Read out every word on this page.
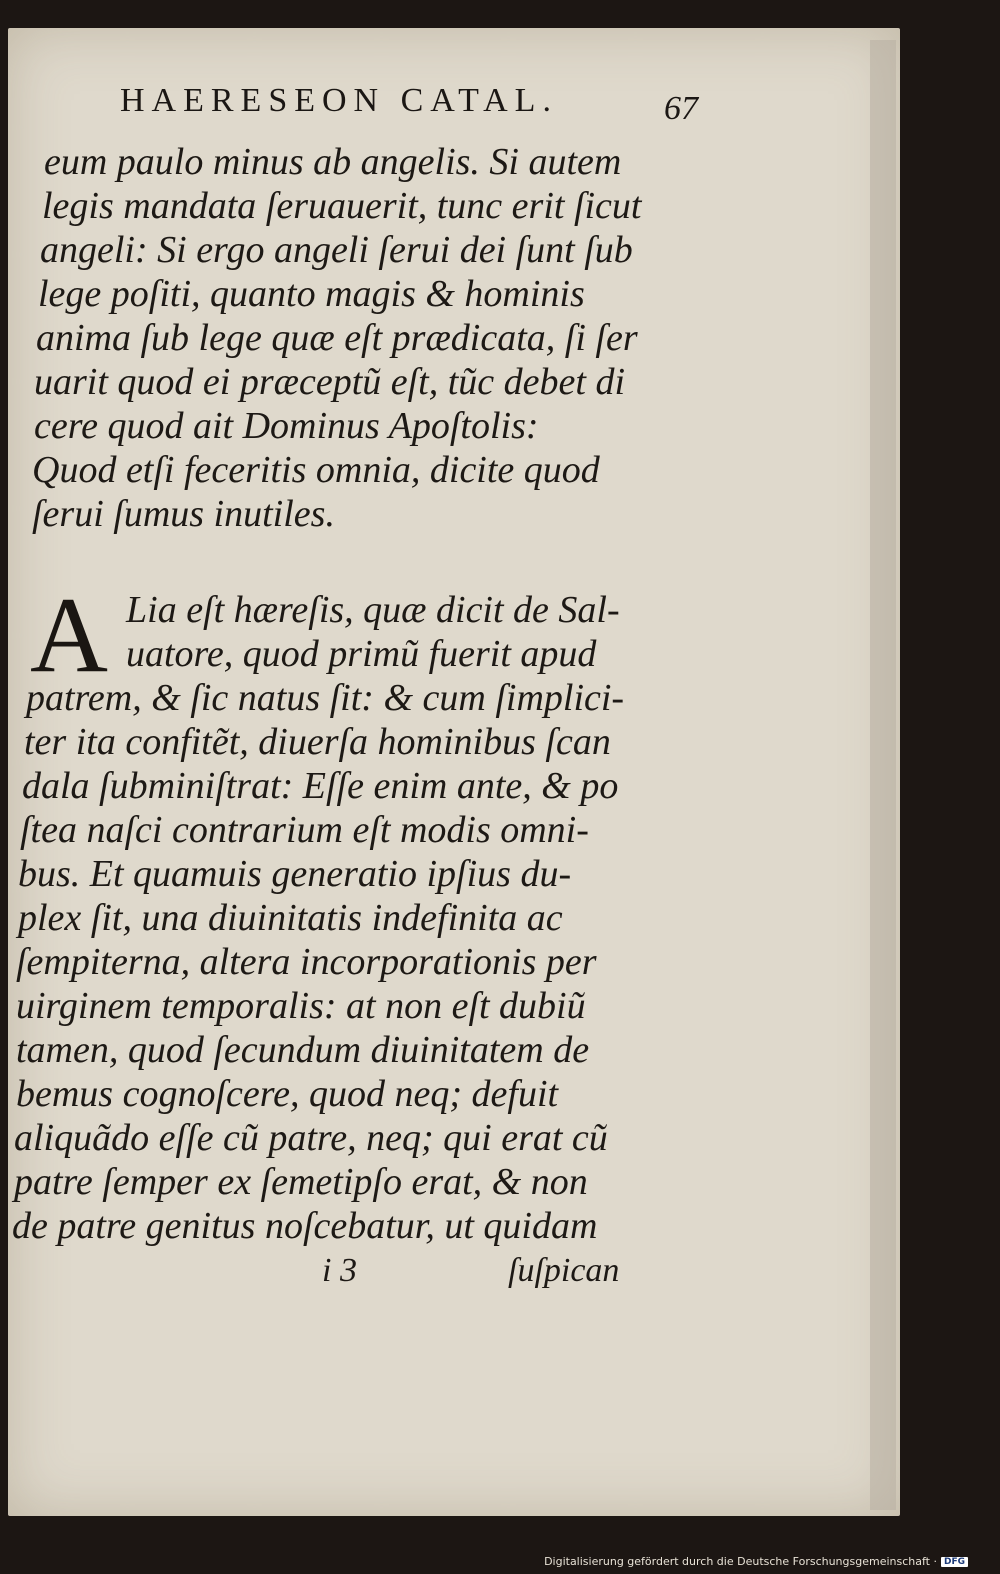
HAERESEON CATAL.	67
eum paulo minus ab angelis. Si autem
legis mandata ſeruauerit, tunc erit ſicut
angeli: Si ergo angeli ſerui dei ſunt ſub
lege poſiti, quanto magis & hominis
anima ſub lege quæ eſt prædicata, ſi ſer
uarit quod ei præceptũ eſt, tũc debet di
cere quod ait Dominus Apoſtolis:
Quod etſi feceritis omnia, dicite quod
ſerui ſumus inutiles.
A Lia eſt hæreſis, quæ dicit de Sal-
uatore, quod primũ fuerit apud
patrem, & ſic natus ſit: & cum ſimplici-
ter ita confitẽt, diuerſa hominibus ſcan
dala ſubminiſtrat: Eſſe enim ante, & po
ſtea naſci contrarium eſt modis omni-
bus. Et quamuis generatio ipſius du-
plex ſit, una diuinitatis indefinita ac
ſempiterna, altera incorporationis per
uirginem temporalis: at non eſt dubiũ
tamen, quod ſecundum diuinitatem de
bemus cognoſcere, quod neq; defuit
aliquãdo eſſe cũ patre, neq; qui erat cũ
patre ſemper ex ſemetipſo erat, & non
de patre genitus noſcebatur, ut quidam
i 3	ſuſpican
Digitalisierung gefördert durch die Deutsche Forschungsgemeinschaft · DFG
